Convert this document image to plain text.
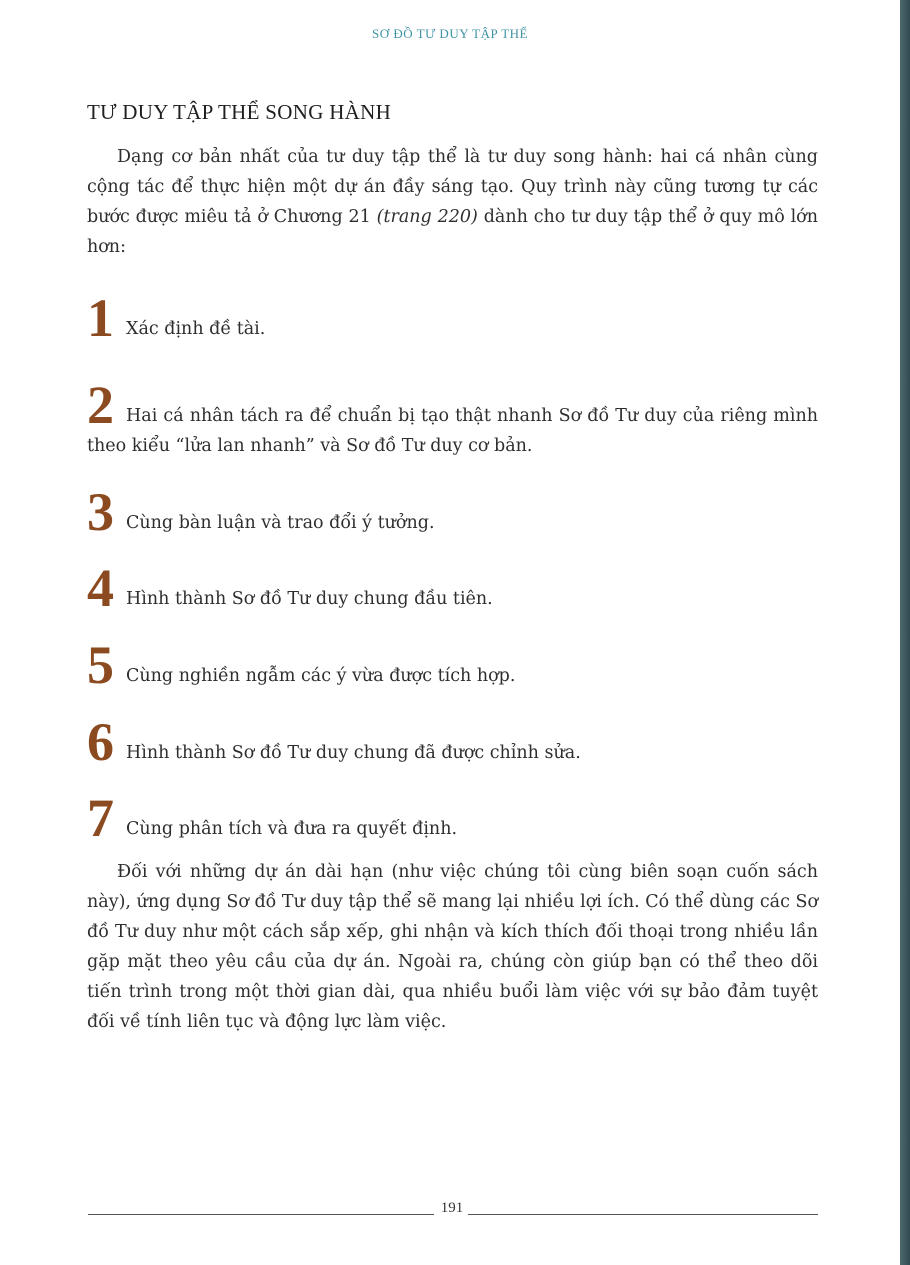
SƠ ĐỒ TƯ DUY TẬP THỂ
TƯ DUY TẬP THỂ SONG HÀNH

Dạng cơ bản nhất của tư duy tập thể là tư duy song hành: hai cá nhân cùng cộng tác để thực hiện một dự án đầy sáng tạo. Quy trình này cũng tương tự các bước được miêu tả ở Chương 21 (trang 220) dành cho tư duy tập thể ở quy mô lớn hơn:

1 Xác định đề tài.

2 Hai cá nhân tách ra để chuẩn bị tạo thật nhanh Sơ đồ Tư duy của riêng mình theo kiểu “lửa lan nhanh” và Sơ đồ Tư duy cơ bản.

3 Cùng bàn luận và trao đổi ý tưởng.

4 Hình thành Sơ đồ Tư duy chung đầu tiên.

5 Cùng nghiền ngẫm các ý vừa được tích hợp.

6 Hình thành Sơ đồ Tư duy chung đã được chỉnh sửa.

7 Cùng phân tích và đưa ra quyết định.

Đối với những dự án dài hạn (như việc chúng tôi cùng biên soạn cuốn sách này), ứng dụng Sơ đồ Tư duy tập thể sẽ mang lại nhiều lợi ích. Có thể dùng các Sơ đồ Tư duy như một cách sắp xếp, ghi nhận và kích thích đối thoại trong nhiều lần gặp mặt theo yêu cầu của dự án. Ngoài ra, chúng còn giúp bạn có thể theo dõi tiến trình trong một thời gian dài, qua nhiều buổi làm việc với sự bảo đảm tuyệt đối về tính liên tục và động lực làm việc.

191
